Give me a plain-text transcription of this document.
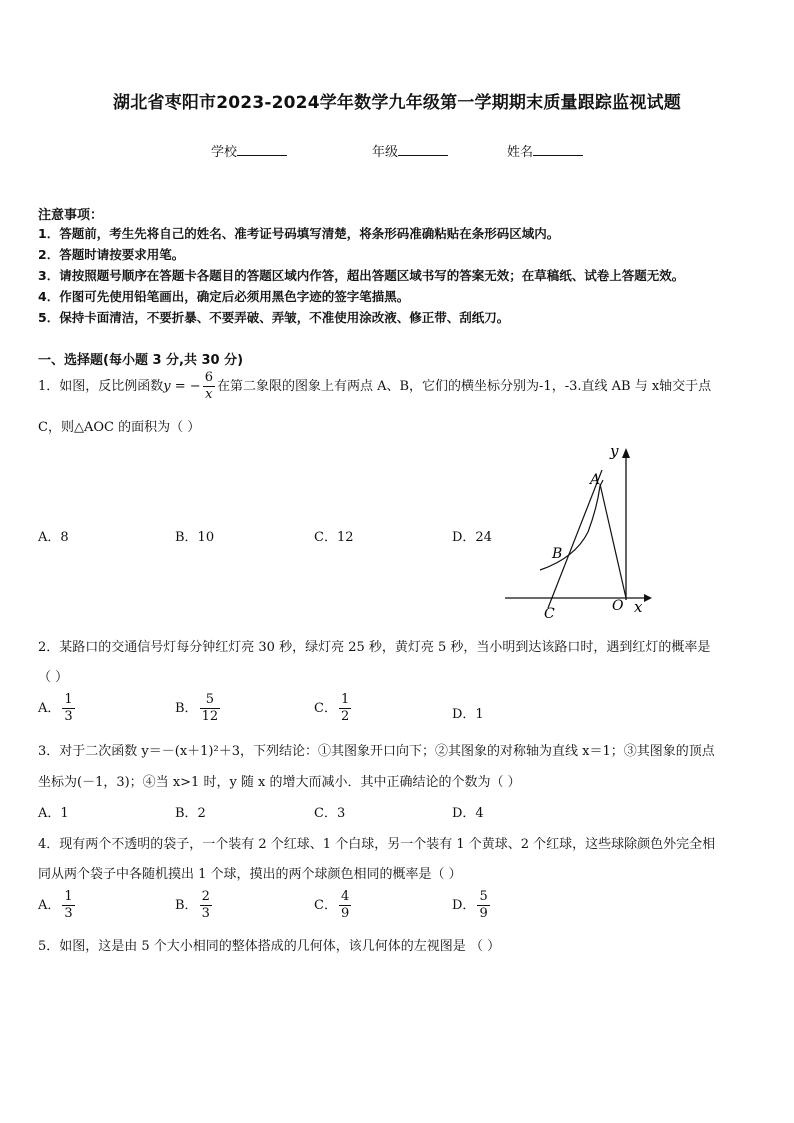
湖北省枣阳市2023-2024学年数学九年级第一学期期末质量跟踪监视试题
学校	年级	姓名
注意事项：
1．答题前，考生先将自己的姓名、准考证号码填写清楚，将条形码准确粘贴在条形码区域内。
2．答题时请按要求用笔。
3．请按照题号顺序在答题卡各题目的答题区域内作答，超出答题区域书写的答案无效；在草稿纸、试卷上答题无效。
4．作图可先使用铅笔画出，确定后必须用黑色字迹的签字笔描黑。
5．保持卡面清洁，不要折暴、不要弄破、弄皱，不准使用涂改液、修正带、刮纸刀。
一、选择题(每小题 3 分,共 30 分)
1．如图，反比例函数y = − $\frac{6}{x}$ 在第二象限的图象上有两点 A、B，它们的横坐标分别为-1，-3.直线 AB 与 x轴交于点
C，则△AOC 的面积为（ ）
A．8	B．10	C．12	D．24
y
x
A
B
C	O
2．某路口的交通信号灯每分钟红灯亮 30 秒，绿灯亮 25 秒，黄灯亮 5 秒，当小明到达该路口时，遇到红灯的概率是
（ ）
A． $\frac{1}{3}$	B． $\frac{5}{12}$	C． $\frac{1}{2}$	D．1
3．对于二次函数 y＝－(x＋1)²＋3，下列结论：①其图象开口向下；②其图象的对称轴为直线 x＝1；③其图象的顶点
坐标为(－1，3)；④当 x>1 时，y 随 x 的增大而减小．其中正确结论的个数为（ ）
A．1	B．2	C．3	D．4
4．现有两个不透明的袋子，一个装有 2 个红球、1 个白球，另一个装有 1 个黄球、2 个红球，这些球除颜色外完全相
同从两个袋子中各随机摸出 1 个球，摸出的两个球颜色相同的概率是（ ）
A． $\frac{1}{3}$	B． $\frac{2}{3}$	C． $\frac{4}{9}$	D． $\frac{5}{9}$
5．如图，这是由 5 个大小相同的整体搭成的几何体，该几何体的左视图是 （ ）
